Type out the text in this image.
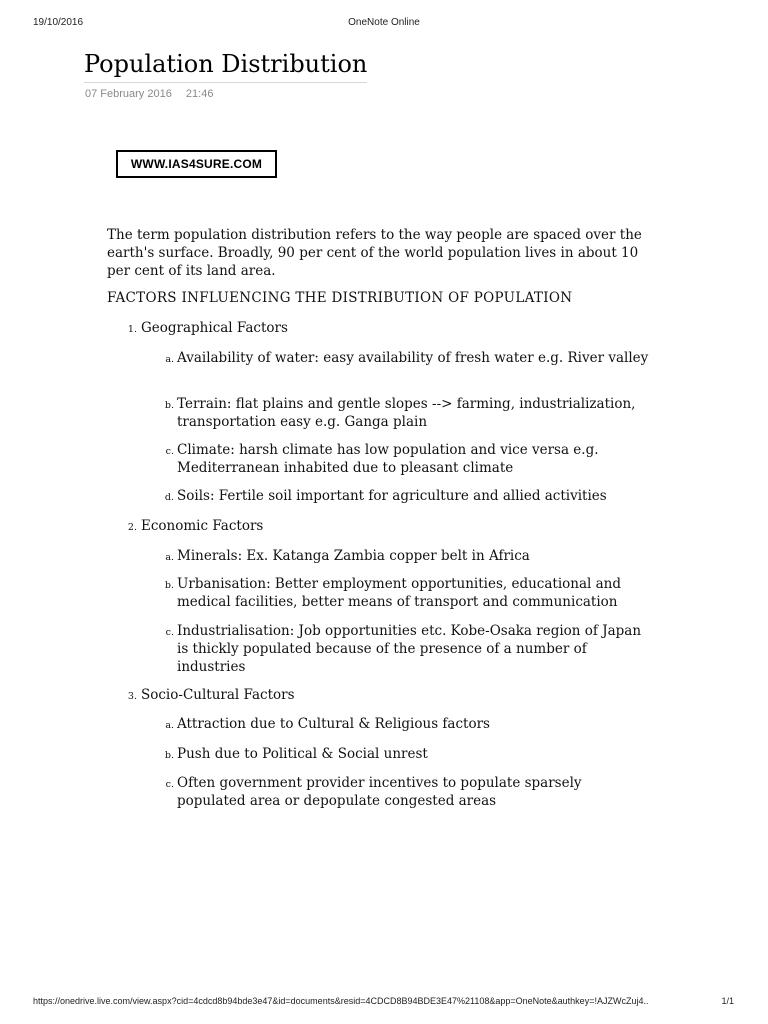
19/10/2016	OneNote Online
Population Distribution
07 February 2016 21:46
WWW.IAS4SURE.COM

The term population distribution refers to the way people are spaced over the earth's surface. Broadly, 90 per cent of the world population lives in about 10 per cent of its land area.

FACTORS INFLUENCING THE DISTRIBUTION OF POPULATION
1. Geographical Factors
a. Availability of water: easy availability of fresh water e.g. River valley
b. Terrain: flat plains and gentle slopes --> farming, industrialization, transportation easy e.g. Ganga plain
c. Climate: harsh climate has low population and vice versa e.g. Mediterranean inhabited due to pleasant climate
d. Soils: Fertile soil important for agriculture and allied activities
2. Economic Factors
a. Minerals: Ex. Katanga Zambia copper belt in Africa
b. Urbanisation: Better employment opportunities, educational and medical facilities, better means of transport and communication
c. Industrialisation: Job opportunities etc. Kobe-Osaka region of Japan is thickly populated because of the presence of a number of industries
3. Socio-Cultural Factors
a. Attraction due to Cultural & Religious factors
b. Push due to Political & Social unrest
c. Often government provider incentives to populate sparsely populated area or depopulate congested areas
https://onedrive.live.com/view.aspx?cid=4cdcd8b94bde3e47&id=documents&resid=4CDCD8B94BDE3E47%21108&app=OneNote&authkey=!AJZWcZuj4..	1/1
